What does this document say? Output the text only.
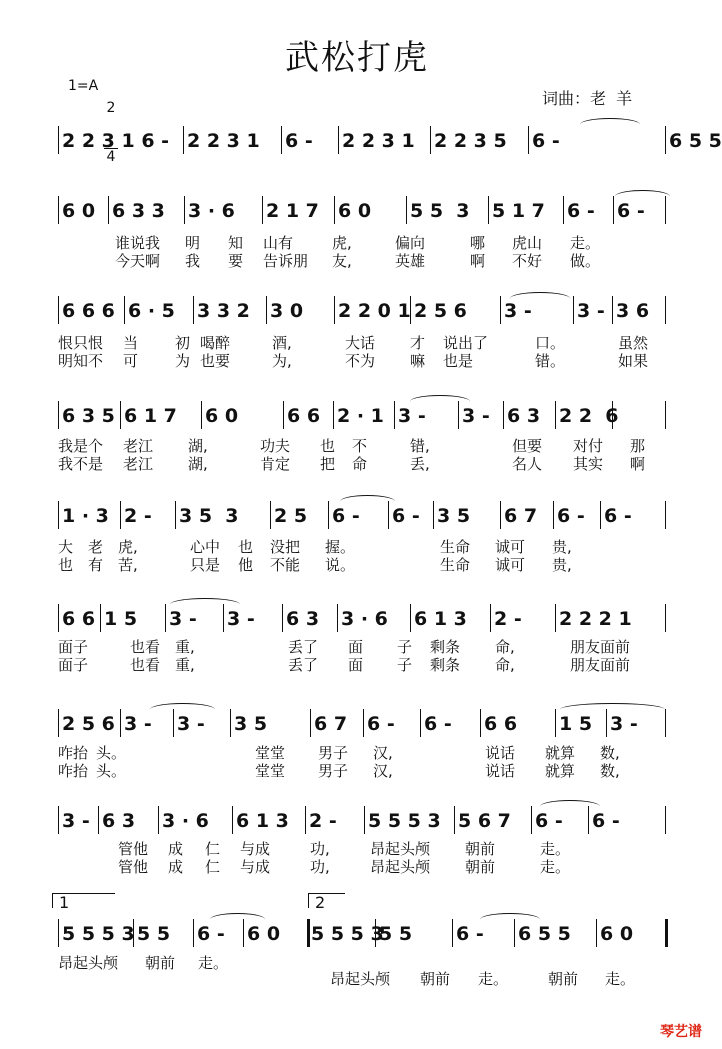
武松打虎
1=A

2

4

词曲：老  羊
2 2 3 1 6 - 2 2 3 1 6 - 2 2 3 1 2 2 3 5 6 -	6 5 5
6 0 6 3 3 3 · 6 2 1 7 6 0 5 5  3 5 1 7 6 - 6 -
谁说我 明 知 山有	虎,	偏向	哪 虎山 走。
今天啊 我 要 告诉朋 友,	英雄	啊 不好 做。
6 6 6 6 · 5 3 3 2 3 0 2 2 0 1 2 5 6 3 - 3 - 3 6
恨只恨 当 初 喝醉	酒,	大话 才 说出了	口。	虽然
明知不 可 为 也要	为,	不为 嘛 也是	错。	如果
6 3 5 6 1 7 6 0	6 6 2 · 1 3 - 3 - 6 3 2 2  6
我是个 老江 湖,	功夫 也 不	错,	但要 对付 那
我不是 老江 湖,	肯定 把 命	丢,	名人 其实 啊
1 · 3 2 - 3 5  3 2 5 6 - 6 - 3 5 6 7 6 - 6 -
大 老 虎,	心中 也 没把 握。	生命 诚可 贵,
也 有 苦,	只是 他 不能 说。	生命 诚可 贵,
6 6 1 5 3 - 3 - 6 3 3 · 6 6 1 3 2 - 2 2 2 1
面子	也看 重,	丢了 面 子 剩条 命,	朋友面前
面子	也看 重,	丢了 面 子 剩条 命,	朋友面前
2 5 6 3 - 3 - 3 5 6 7 6 - 6 - 6 6 1 5 3 -
咋抬 头。	堂堂 男子 汉,	说话 就算 数,
咋抬 头。	堂堂 男子 汉,	说话 就算 数,
3 - 6 3 3 · 6 6 1 3 2 - 5 5 5 3 5 6 7 6 - 6 -
管他 成 仁 与成	功,	昂起头颅 朝前	走。
管他 成 仁 与成	功,	昂起头颅 朝前	走。
5 5 5 3 5 5 6 - 6 0 5 5 5 3
5 5 6 - 6 5 5 6 0
1	2
昂起头颅 朝前 走。
昂起头颅 朝前 走。	朝前 走。
琴艺谱
